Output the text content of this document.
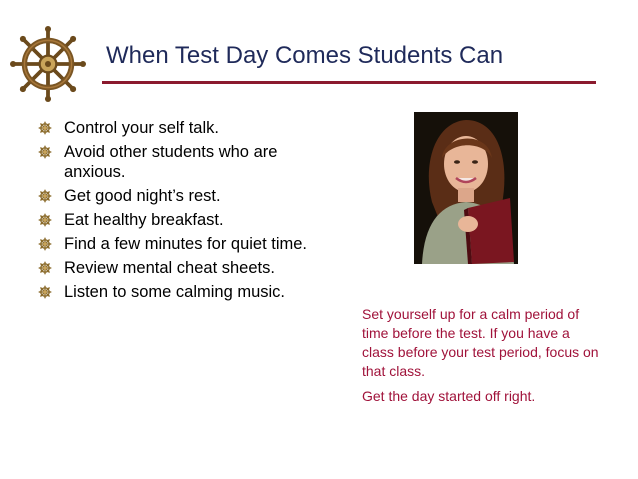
When Test Day Comes Students Can
Control your self talk.
Avoid other students who are anxious.
Get good night’s rest.
Eat healthy breakfast.
Find a few minutes for quiet time.
Review mental cheat sheets.
Listen to some calming music.

Set yourself up for a calm period of time before the test. If you have a class before your test period, focus on that class.

Get the day started off right.
